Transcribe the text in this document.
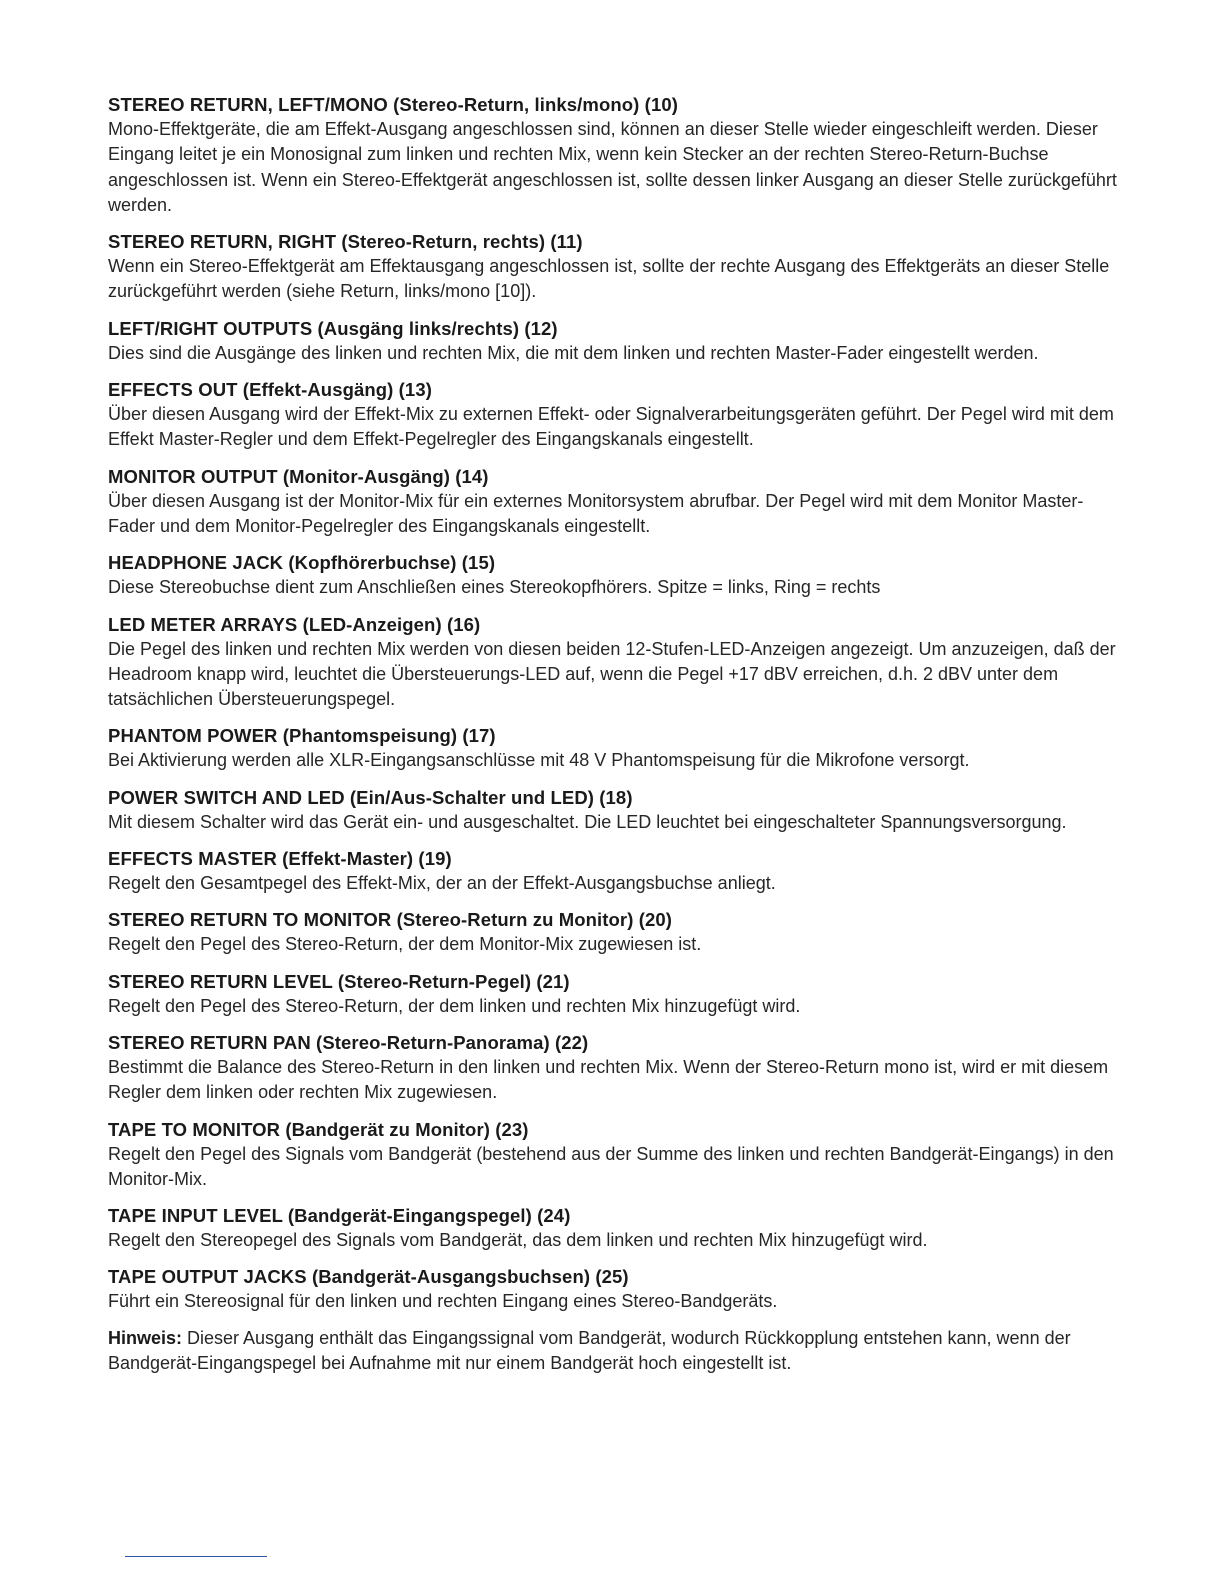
STEREO RETURN, LEFT/MONO (Stereo-Return, links/mono) (10)
Mono-Effektgeräte, die am Effekt-Ausgang angeschlossen sind, können an dieser Stelle wieder eingeschleift werden. Dieser Eingang leitet je ein Monosignal zum linken und rechten Mix, wenn kein Stecker an der rechten Stereo-Return-Buchse angeschlossen ist. Wenn ein Stereo-Effektgerät angeschlossen ist, sollte dessen linker Ausgang an dieser Stelle zurückgeführt werden.
STEREO RETURN, RIGHT (Stereo-Return, rechts) (11)
Wenn ein Stereo-Effektgerät am Effektausgang angeschlossen ist, sollte der rechte Ausgang des Effektgeräts an dieser Stelle zurückgeführt werden (siehe Return, links/mono [10]).
LEFT/RIGHT OUTPUTS (Ausgäng links/rechts) (12)
Dies sind die Ausgänge des linken und rechten Mix, die mit dem linken und rechten Master-Fader eingestellt werden.
EFFECTS OUT (Effekt-Ausgäng) (13)
Über diesen Ausgang wird der Effekt-Mix zu externen Effekt- oder Signalverarbeitungsgeräten geführt. Der Pegel wird mit dem Effekt Master-Regler und dem Effekt-Pegelregler des Eingangskanals eingestellt.
MONITOR OUTPUT (Monitor-Ausgäng) (14)
Über diesen Ausgang ist der Monitor-Mix für ein externes Monitorsystem abrufbar. Der Pegel wird mit dem Monitor Master-Fader und dem Monitor-Pegelregler des Eingangskanals eingestellt.
HEADPHONE JACK (Kopfhörerbuchse) (15)
Diese Stereobuchse dient zum Anschließen eines Stereokopfhörers. Spitze = links, Ring = rechts
LED METER ARRAYS (LED-Anzeigen) (16)
Die Pegel des linken und rechten Mix werden von diesen beiden 12-Stufen-LED-Anzeigen angezeigt. Um anzuzeigen, daß der Headroom knapp wird, leuchtet die Übersteuerungs-LED auf, wenn die Pegel +17 dBV erreichen, d.h. 2 dBV unter dem tatsächlichen Übersteuerungspegel.
PHANTOM POWER (Phantomspeisung) (17)
Bei Aktivierung werden alle XLR-Eingangsanschlüsse mit 48 V Phantomspeisung für die Mikrofone versorgt.
POWER SWITCH AND LED (Ein/Aus-Schalter und LED) (18)
Mit diesem Schalter wird das Gerät ein- und ausgeschaltet. Die LED leuchtet bei eingeschalteter Spannungsversorgung.
EFFECTS MASTER (Effekt-Master) (19)
Regelt den Gesamtpegel des Effekt-Mix, der an der Effekt-Ausgangsbuchse anliegt.
STEREO RETURN TO MONITOR (Stereo-Return zu Monitor) (20)
Regelt den Pegel des Stereo-Return, der dem Monitor-Mix zugewiesen ist.
STEREO RETURN LEVEL (Stereo-Return-Pegel) (21)
Regelt den Pegel des Stereo-Return, der dem linken und rechten Mix hinzugefügt wird.
STEREO RETURN PAN (Stereo-Return-Panorama) (22)
Bestimmt die Balance des Stereo-Return in den linken und rechten Mix. Wenn der Stereo-Return mono ist, wird er mit diesem Regler dem linken oder rechten Mix zugewiesen.
TAPE TO MONITOR (Bandgerät zu Monitor) (23)
Regelt den Pegel des Signals vom Bandgerät (bestehend aus der Summe des linken und rechten Bandgerät-Eingangs) in den Monitor-Mix.
TAPE INPUT LEVEL (Bandgerät-Eingangspegel) (24)
Regelt den Stereopegel des Signals vom Bandgerät, das dem linken und rechten Mix hinzugefügt wird.
TAPE OUTPUT JACKS (Bandgerät-Ausgangsbuchsen) (25)
Führt ein Stereosignal für den linken und rechten Eingang eines Stereo-Bandgeräts.
Hinweis: Dieser Ausgang enthält das Eingangssignal vom Bandgerät, wodurch Rückkopplung entstehen kann, wenn der Bandgerät-Eingangspegel bei Aufnahme mit nur einem Bandgerät hoch eingestellt ist.
